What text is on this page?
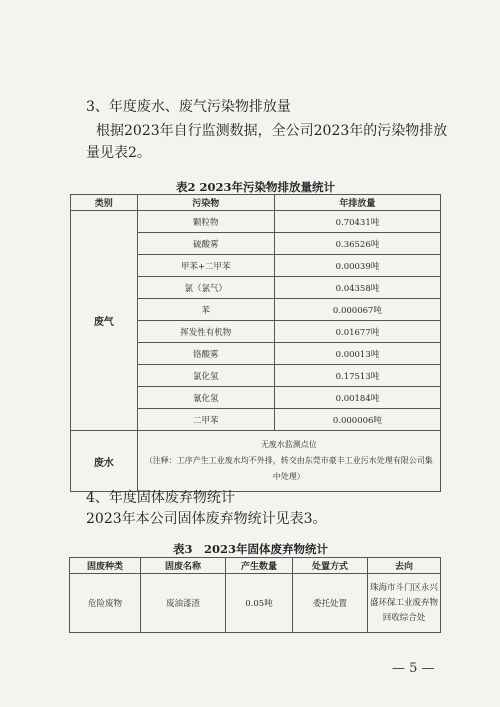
3、年度废水、废气污染物排放量
根据2023年自行监测数据，全公司2023年的污染物排放量见表2。
表2 2023年污染物排放量统计
类别	污染物	年排放量
废气	颗粒物	0.70431吨
	硫酸雾	0.36526吨
	甲苯+二甲苯	0.00039吨
	氯（氯气）	0.04358吨
	苯	0.000067吨
	挥发性有机物	0.01677吨
	铬酸雾	0.00013吨
	氯化氢	0.17513吨
	氰化氢	0.00184吨
	二甲苯	0.000006吨
废水	无废水监测点位
（注释：工序产生工业废水均不外排，转交由东莞市豪丰工业污水处理有限公司集中处理）	
4、年度固体废弃物统计
2023年本公司固体废弃物统计见表3。
表3　2023年固体废弃物统计
固废种类	固废名称	产生数量	处置方式	去向
危险废物	废油漆渣	0.05吨	委托处置	珠海市斗门区永兴盛环保工业废弃物回收综合处
— 5 —
